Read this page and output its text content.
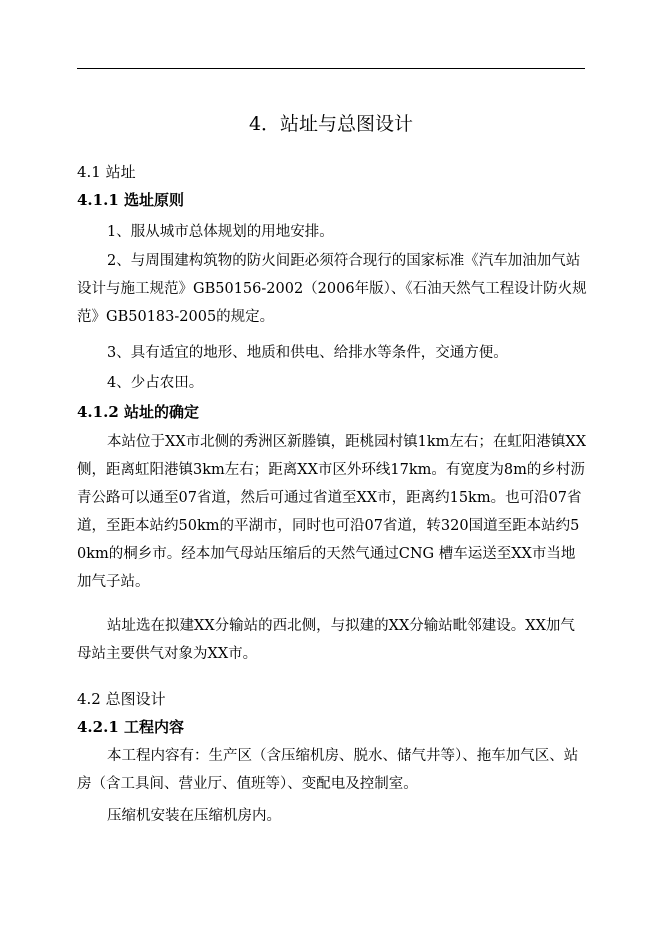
4．站址与总图设计
4.1 站址
4.1.1 选址原则
1、服从城市总体规划的用地安排。

2、与周围建构筑物的防火间距必须符合现行的国家标准《汽车加油加气站设计与施工规范》GB50156-2002（2006年版）、《石油天然气工程设计防火规范》GB50183-2005的规定。

3、具有适宜的地形、地质和供电、给排水等条件，交通方便。
4、少占农田。
4.1.2 站址的确定

本站位于XX市北侧的秀洲区新塍镇，距桃园村镇1km左右；在虹阳港镇XX侧，距离虹阳港镇3km左右；距离XX市区外环线17km。有宽度为8m的乡村沥青公路可以通至07省道，然后可通过省道至XX市，距离约15km。也可沿07省道，至距本站约50km的平湖市，同时也可沿07省道，转320国道至距本站约50km的桐乡市。经本加气母站压缩后的天然气通过CNG 槽车运送至XX市当地加气子站。

站址选在拟建XX分输站的西北侧，与拟建的XX分输站毗邻建设。XX加气母站主要供气对象为XX市。

4.2 总图设计
4.2.1 工程内容

本工程内容有：生产区（含压缩机房、脱水、储气井等）、拖车加气区、站房（含工具间、营业厅、值班等）、变配电及控制室。

压缩机安装在压缩机房内。
